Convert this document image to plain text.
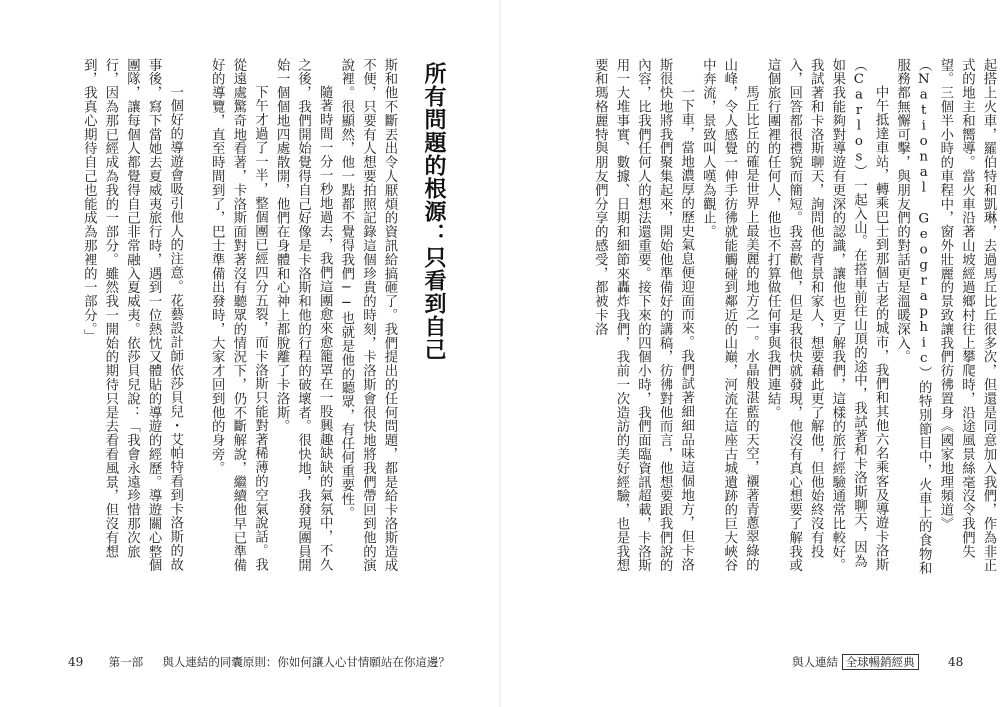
所有問題的根源：只看到自己

斯和他不斷丟出令人厭煩的資訊給搞砸了。我們提出的任何問題，都是給卡洛斯造成不便，只要有人想要拍照記錄這個珍貴的時刻，卡洛斯會很快地將我們帶回到他的演說裡。很顯然，他一點都不覺得我們──也就是他的聽眾，有任何重要性。

隨著時間一分一秒地過去，我們這團愈來愈籠罩在一股興趣缺缺的氣氛中，不久之後，我們開始覺得自己好像是卡洛斯和他的行程的破壞者。很快地，我發現團員開始一個個地四處散開，他們在身體和心神上都脫離了卡洛斯。

下午才過了一半，整個團已經四分五裂，而卡洛斯只能對著稀薄的空氣說話。我從遠處驚奇地看著，卡洛斯面對著沒有聽眾的情況下，仍不斷解說，繼續他早已準備好的導覽，直至時間到了，巴士準備出發時，大家才回到他的身旁。

一個好的導遊會吸引他人的注意。花藝設計師依莎貝兒・艾帕特看到卡洛斯的故事後，寫下當她去夏威夷旅行時，遇到一位熱忱又體貼的導遊的經歷。導遊關心整個團隊，讓每個人都覺得自己非常融入夏威夷。依莎貝兒說：「我會永遠珍惜那次旅行，因為那已經成為我的一部分。雖然我一開始的期待只是去看看風景，但沒有想到，我真心期待自己也能成為那裡的一部分。」

49 第一部 與人連結的同囊原則：你如何讓人心甘情願站在你這邊？

起搭上火車，羅伯特和凱琳，去過馬丘比丘很多次，但還是同意加入我們，作為非正式的地主和嚮導。當火車沿著山坡經過鄉村往上攀爬時，沿途風景絲毫沒令我們失望。三個半小時的車程中，窗外壯麗的景致讓我們彷彿置身《國家地理頻道》（National Geographic）的特別節目中，火車上的食物和服務都無懈可擊，與朋友們的對話更是溫暖深入。

中午抵達車站，轉乘巴士到那個古老的城市，我們和其他六名乘客及導遊卡洛斯（Carlos）一起入山。在搭車前往山頂的途中，我試著和卡洛斯聊天，因為如果我能夠對導遊有更深的認識，讓他也更了解我們，這樣的旅行經驗通常比較好。我試著和卡洛斯聊天，詢問他的背景和家人，想要藉此更了解他，但他始終沒有投入，回答都很禮貌而簡短。我喜歡他，但是我很快就發現，他沒有真心想要了解我或這個旅行團裡的任何人，他也不打算做任何事與我們連結。

馬丘比丘的確是世界上最美麗的地方之一。水晶般湛藍的天空，襯著青蔥翠綠的山峰，令人感覺一伸手彷彿就能觸碰到鄰近的山巔，河流在這座古城遺跡的巨大峽谷中奔流，景致叫人嘆為觀止。

一下車，當地濃厚的歷史氣息便迎面而來。我們試著細細品味這個地方，但卡洛斯很快地將我們聚集起來，開始他準備好的講稿，彷彿對他而言，他想要跟我們說的內容，比我們任何人的想法還重要。接下來的四個小時，我們面臨資訊超載，卡洛斯用一大堆事實、數據、日期和細節來轟炸我們，我前一次造訪的美好經驗，也是我想要和瑪格麗特與朋友們分享的感受，都被卡洛

與人連結 全球暢銷經典	48
